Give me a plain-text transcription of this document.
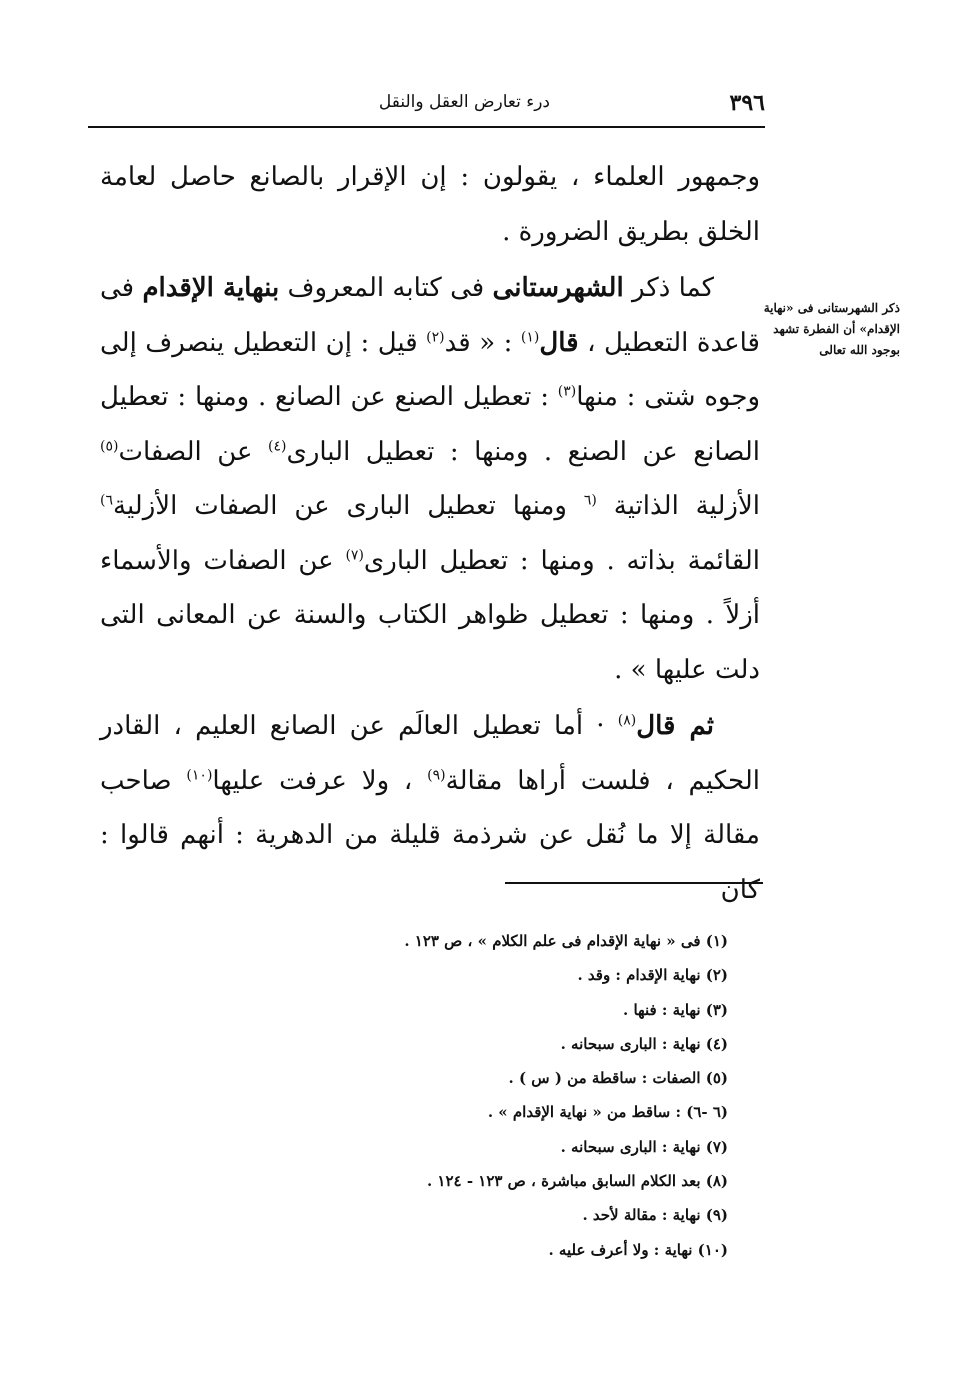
٣٩٦
درء تعارض العقل والنقل
ذكر الشهرستانى فى «نهاية الإقدام» أن الفطرة تشهد بوجود الله تعالى

وجمهور العلماء ، يقولون : إن الإقرار بالصانع حاصل لعامة الخلق بطريق الضرورة .

كما ذكر الشهرستانى فى كتابه المعروف بنهاية الإقدام فى قاعدة التعطيل ، قال$^{(١)}$ : « قد$^{(٢)}$ قيل : إن التعطيل ينصرف إلى وجوه شتى : منها$^{(٣)}$ : تعطيل الصنع عن الصانع . ومنها : تعطيل الصانع عن الصنع . ومنها : تعطيل البارى$^{(٤)}$ عن الصفات$^{(٥)}$ الأزلية الذاتية $^{(٦}$ ومنها تعطيل البارى عن الصفات الأزلية$^{٦)}$ القائمة بذاته . ومنها : تعطيل البارى$^{(٧)}$ عن الصفات والأسماء أزلاً . ومنها : تعطيل ظواهر الكتاب والسنة عن المعانى التى دلت عليها » .

ثم قال$^{(٨)}$ · أما تعطيل العالَم عن الصانع العليم ، القادر الحكيم ، فلست أراها مقالة$^{(٩)}$ ، ولا عرفت عليها$^{(١٠)}$ صاحب مقالة إلا ما نُقل عن شرذمة قليلة من الدهرية : أنهم قالوا : كان

(١) فى « نهاية الإقدام فى علم الكلام » ، ص ١٢٣ .
(٢) نهاية الإقدام : وقد .
(٣) نهاية : فنها .
(٤) نهاية : البارى سبحانه .
(٥) الصفات : ساقطة من ( س ) .
(٦ -٦) : ساقط من « نهاية الإقدام » .
(٧) نهاية : البارى سبحانه .
(٨) بعد الكلام السابق مباشرة ، ص ١٢٣ - ١٢٤ .
(٩) نهاية : مقالة لأحد .
(١٠) نهاية : ولا أعرف عليه .
